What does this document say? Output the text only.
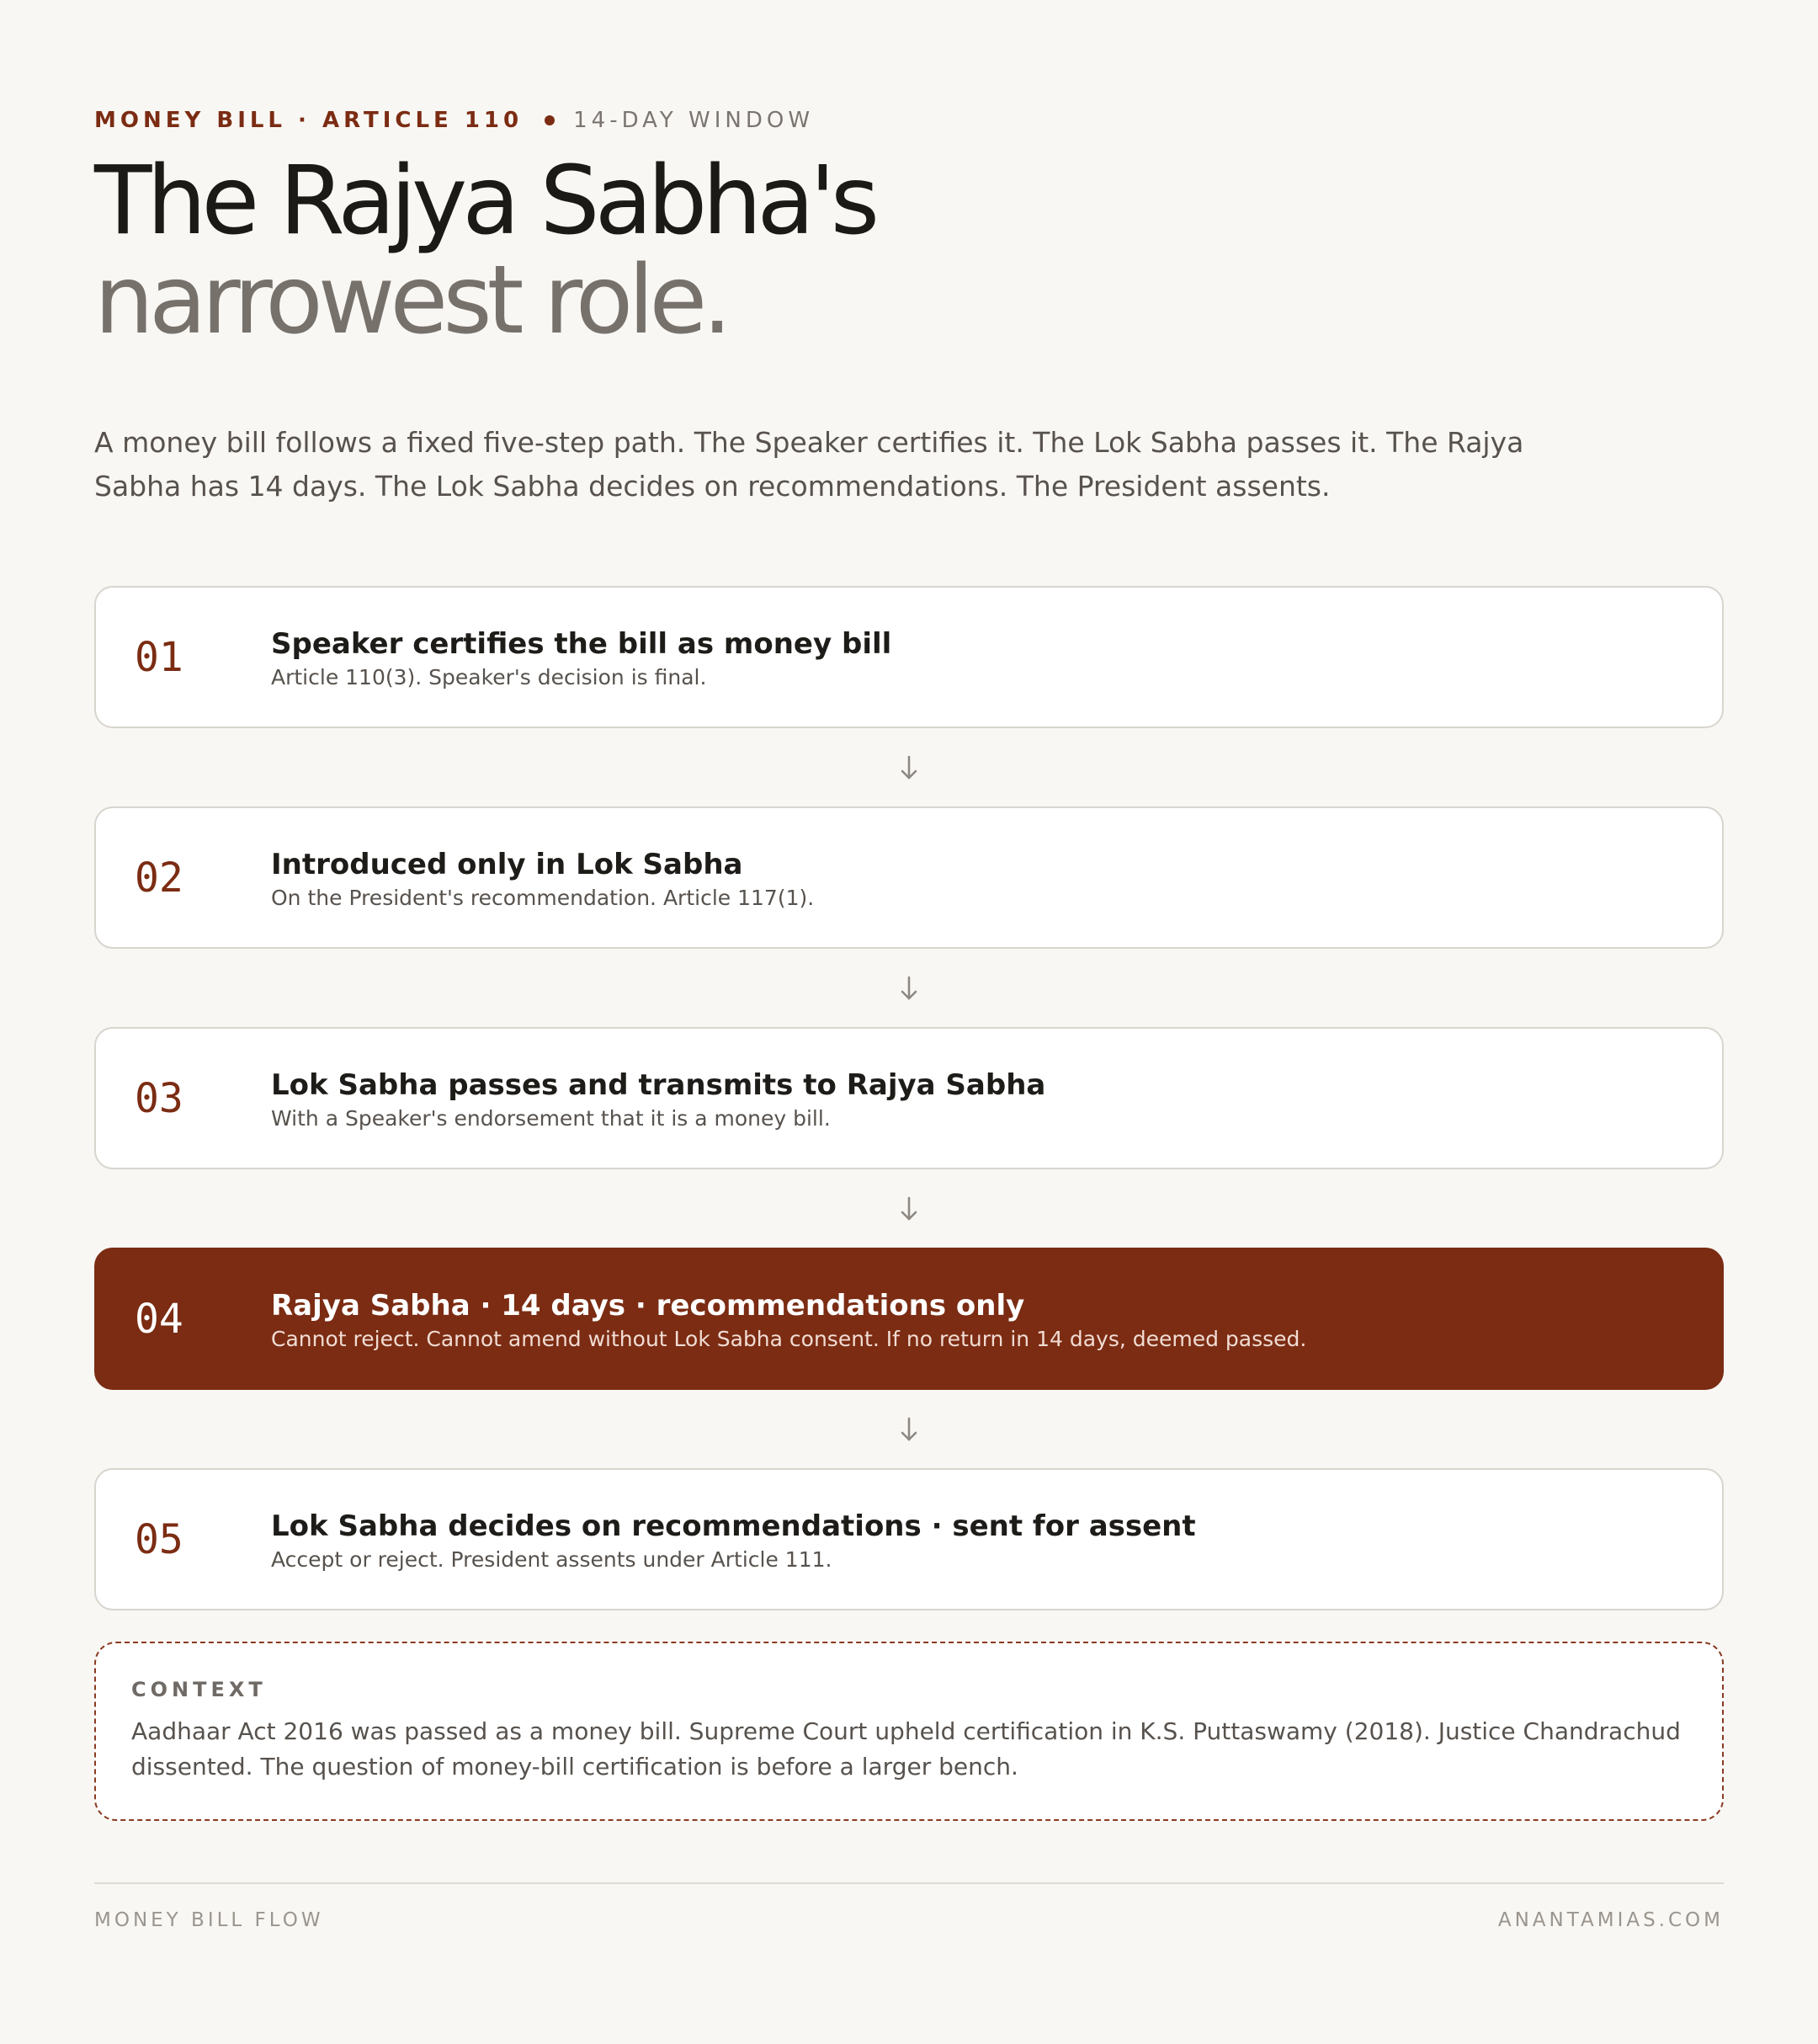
MONEY BILL · ARTICLE 110 14-DAY WINDOW
The Rajya Sabha's
narrowest role.

A money bill follows a fixed five-step path. The Speaker certifies it. The Lok Sabha passes it. The Rajya Sabha has 14 days. The Lok Sabha decides on recommendations. The President assents.

01	Speaker certifies the bill as money bill
Article 110(3). Speaker's decision is final.
02	Introduced only in Lok Sabha
On the President's recommendation. Article 117(1).
03	Lok Sabha passes and transmits to Rajya Sabha
With a Speaker's endorsement that it is a money bill.
04	Rajya Sabha · 14 days · recommendations only
Cannot reject. Cannot amend without Lok Sabha consent. If no return in 14 days, deemed passed.
05	Lok Sabha decides on recommendations · sent for assent
Accept or reject. President assents under Article 111.
CONTEXT
Aadhaar Act 2016 was passed as a money bill. Supreme Court upheld certification in K.S. Puttaswamy (2018). Justice Chandrachud dissented. The question of money-bill certification is before a larger bench.
MONEY BILL FLOW	ANANTAMIAS.COM
